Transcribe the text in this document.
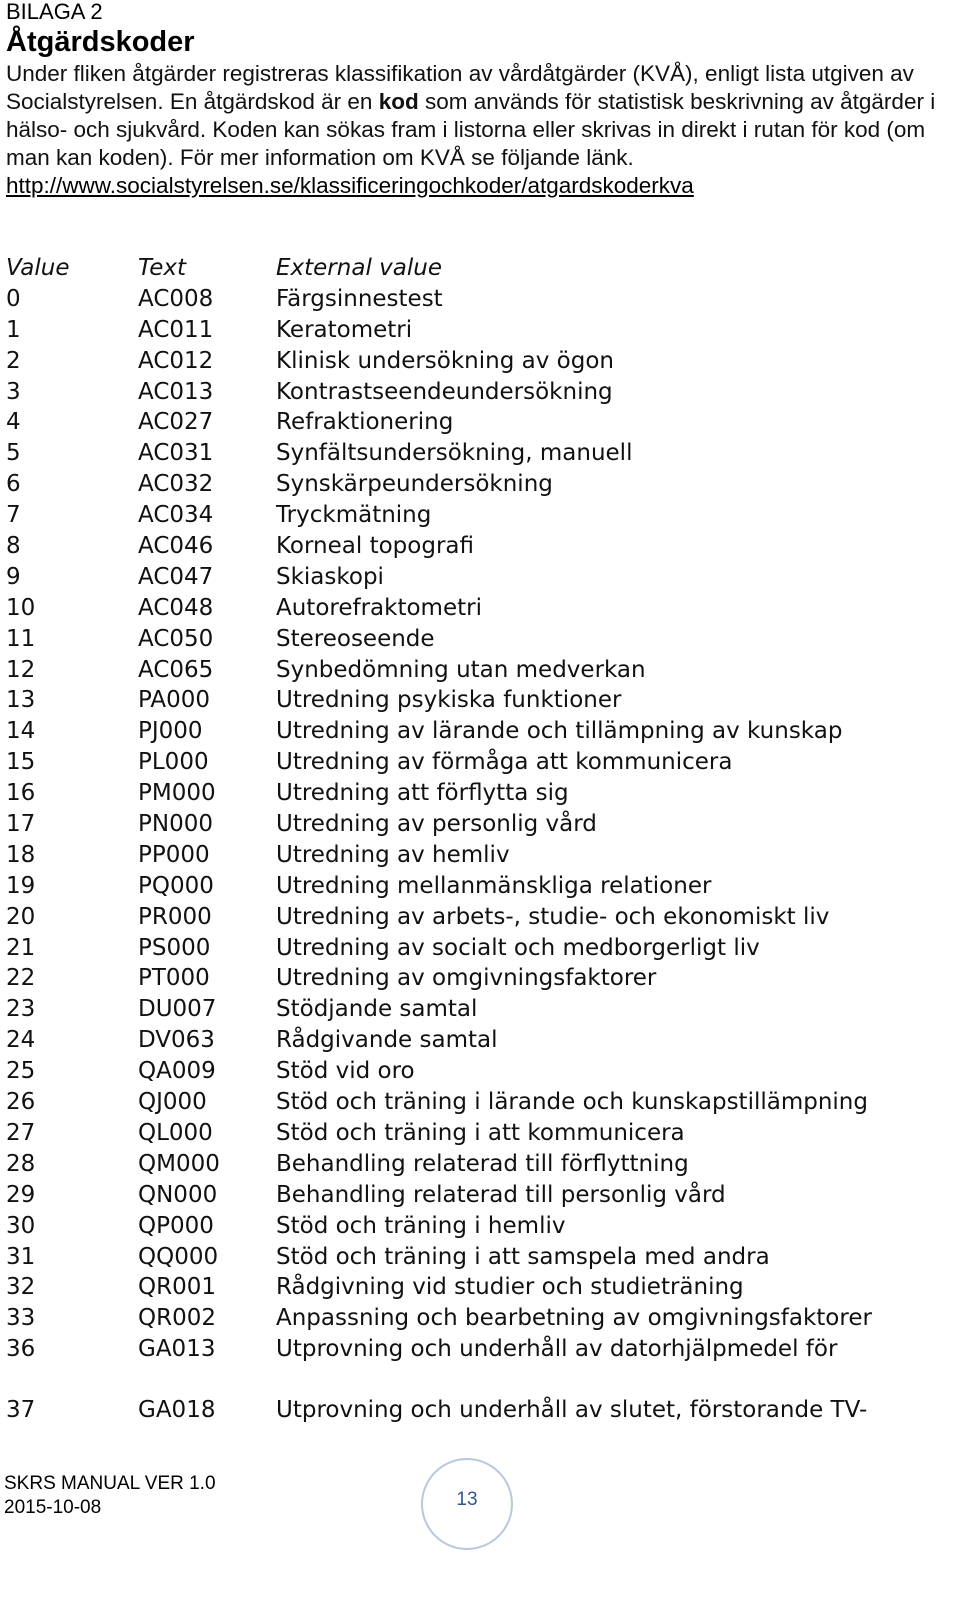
BILAGA 2
Åtgärdskoder

Under fliken åtgärder registreras klassifikation av vårdåtgärder (KVÅ), enligt lista utgiven av Socialstyrelsen. En åtgärdskod är en kod som används för statistisk beskrivning av åtgärder i hälso- och sjukvård. Koden kan sökas fram i listorna eller skrivas in direkt i rutan för kod (om man kan koden). För mer information om KVÅ se följande länk.

http://www.socialstyrelsen.se/klassificeringochkoder/atgardskoderkva
Value	Text	External value
0	AC008	Färgsinnestest
1	AC011	Keratometri
2	AC012	Klinisk undersökning av ögon
3	AC013	Kontrastseendeundersökning
4	AC027	Refraktionering
5	AC031	Synfältsundersökning, manuell
6	AC032	Synskärpeundersökning
7	AC034	Tryckmätning
8	AC046	Korneal topografi
9	AC047	Skiaskopi
10	AC048	Autorefraktometri
11	AC050	Stereoseende
12	AC065	Synbedömning utan medverkan
13	PA000	Utredning psykiska funktioner
14	PJ000	Utredning av lärande och tillämpning av kunskap
15	PL000	Utredning av förmåga att kommunicera
16	PM000	Utredning att förflytta sig
17	PN000	Utredning av personlig vård
18	PP000	Utredning av hemliv
19	PQ000	Utredning mellanmänskliga relationer
20	PR000	Utredning av arbets-, studie- och ekonomiskt liv
21	PS000	Utredning av socialt och medborgerligt liv
22	PT000	Utredning av omgivningsfaktorer
23	DU007	Stödjande samtal
24	DV063	Rådgivande samtal
25	QA009	Stöd vid oro
26	QJ000	Stöd och träning i lärande och kunskapstillämpning
27	QL000	Stöd och träning i att kommunicera
28	QM000	Behandling relaterad till förflyttning
29	QN000	Behandling relaterad till personlig vård
30	QP000	Stöd och träning i hemliv
31	QQ000	Stöd och träning i att samspela med andra
32	QR001	Rådgivning vid studier och studieträning
33	QR002	Anpassning och bearbetning av omgivningsfaktorer
36	GA013	Utprovning och underhåll av datorhjälpmedel för
37	GA018	Utprovning och underhåll av slutet, förstorande TV-
SKRS MANUAL VER 1.0
2015-10-08	13
